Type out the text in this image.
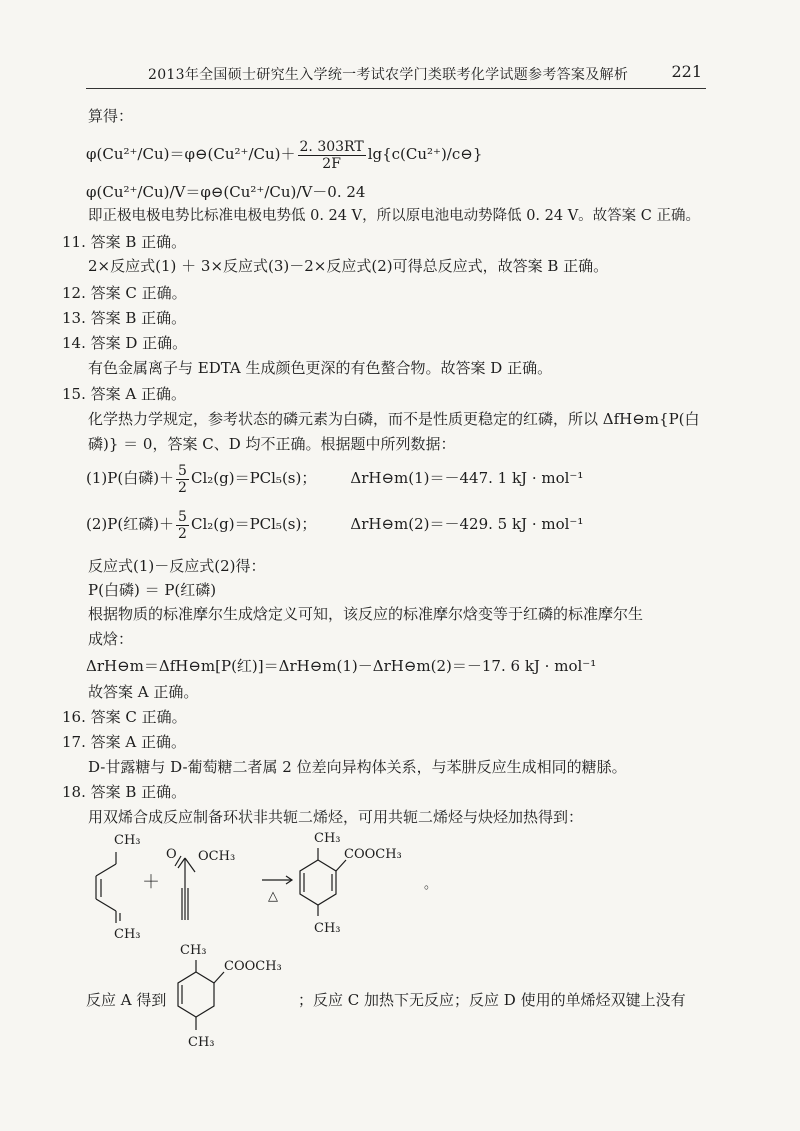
2013年全国硕士研究生入学统一考试农学门类联考化学试题参考答案及解析	221
算得：
φ(Cu²⁺/Cu)＝φ⊖(Cu²⁺/Cu)＋ $\frac{2. 303RT}{2F}$ lg{c(Cu²⁺)/c⊖}
φ(Cu²⁺/Cu)/V＝φ⊖(Cu²⁺/Cu)/V－0. 24
即正极电极电势比标准电极电势低 0. 24 V，所以原电池电动势降低 0. 24 V。故答案 C 正确。
11. 答案 B 正确。
2×反应式(1) ＋ 3×反应式(3)－2×反应式(2)可得总反应式，故答案 B 正确。
12. 答案 C 正确。
13. 答案 B 正确。
14. 答案 D 正确。
有色金属离子与 EDTA 生成颜色更深的有色螯合物。故答案 D 正确。
15. 答案 A 正确。
化学热力学规定，参考状态的磷元素为白磷，而不是性质更稳定的红磷，所以 ΔfH⊖m{P(白
磷)} ＝ 0，答案 C、D 均不正确。根据题中所列数据：
(1)P(白磷)＋ $\frac{5}{2} Cl_2(g)=PCl_5(s)$； ΔrH⊖m(1)＝－447. 1 kJ · mol⁻¹
(2)P(红磷)＋ $\frac{5}{2} Cl_2(g)=PCl_5(s)$； ΔrH⊖m(2)＝－429. 5 kJ · mol⁻¹
反应式(1)－反应式(2)得：
P(白磷) ＝ P(红磷)
根据物质的标准摩尔生成焓定义可知，该反应的标准摩尔焓变等于红磷的标准摩尔生
成焓：
ΔrH⊖m＝ΔfH⊖m[P(红)]＝ΔrH⊖m(1)－ΔrH⊖m(2)＝－17. 6 kJ · mol⁻¹
故答案 A 正确。
16. 答案 C 正确。
17. 答案 A 正确。
D-甘露糖与 D-葡萄糖二者属 2 位差向异构体关系，与苯肼反应生成相同的糖脎。
18. 答案 B 正确。
用双烯合成反应制备环状非共轭二烯烃，可用共轭二烯烃与炔烃加热得到：
CH₃
CH₃
＋
O OCH₃
△
CH₃
COOCH₃
CH₃
。
反应 A 得到
CH₃
COOCH₃
CH₃
；反应 C 加热下无反应；反应 D 使用的单烯烃双键上没有
